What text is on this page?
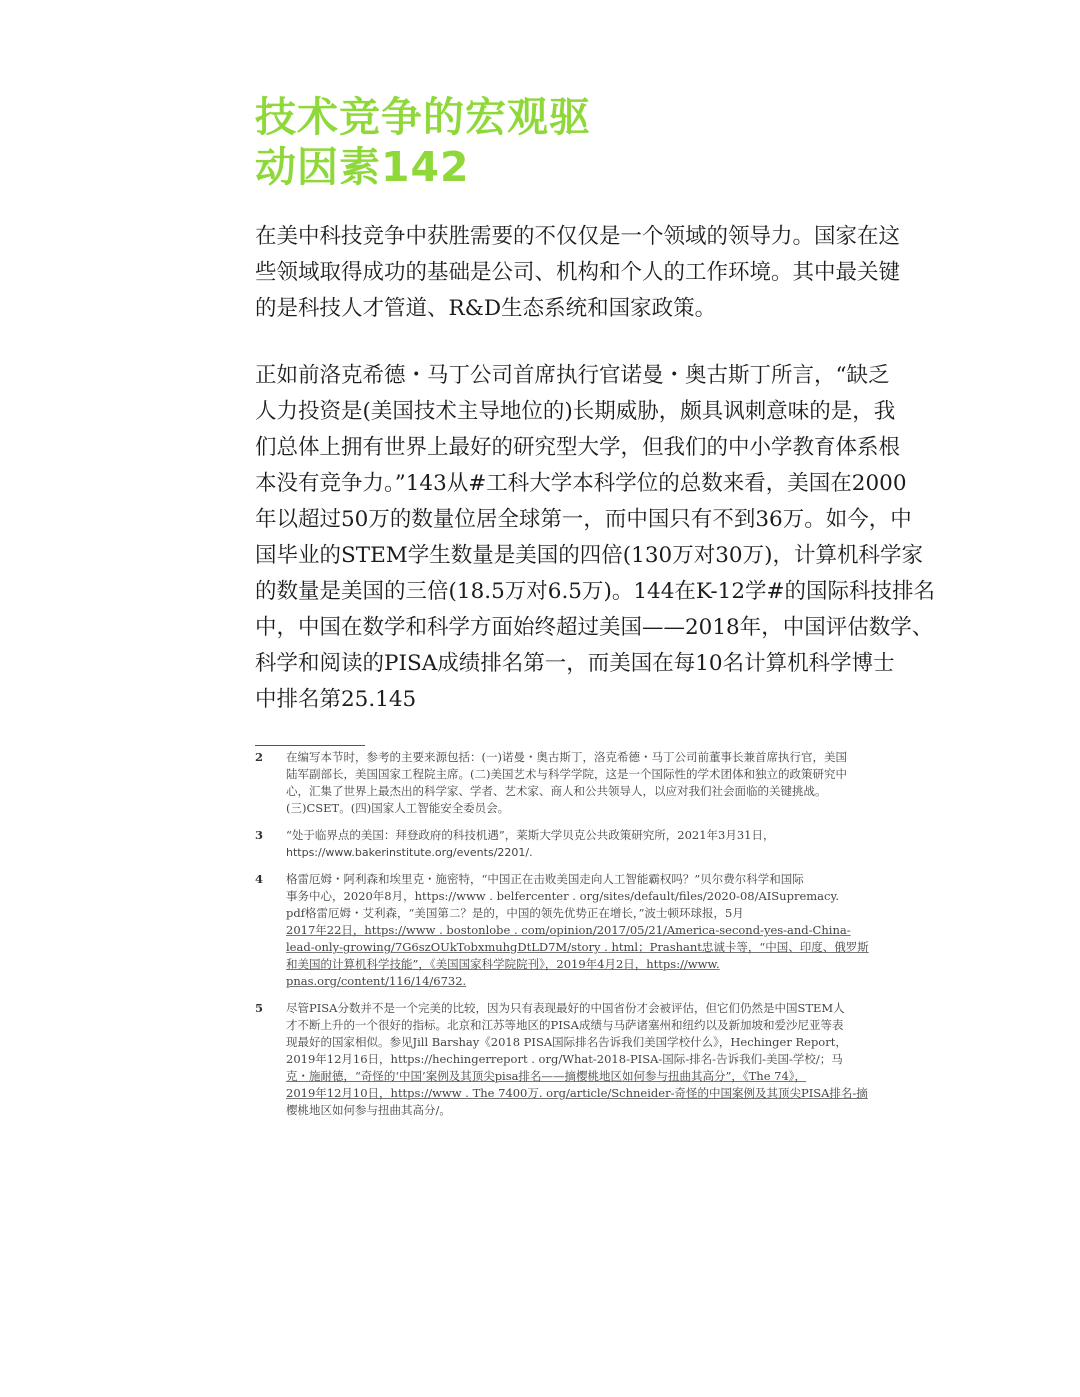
技术竞争的宏观驱
动因素142
在美中科技竞争中获胜需要的不仅仅是一个领域的领导力。国家在这
些领域取得成功的基础是公司、机构和个人的工作环境。其中最关键
的是科技人才管道、R&D生态系统和国家政策。
正如前洛克希德・马丁公司首席执行官诺曼・奥古斯丁所言，“缺乏
人力投资是(美国技术主导地位的)长期威胁，颇具讽刺意味的是，我
们总体上拥有世界上最好的研究型大学，但我们的中小学教育体系根
本没有竞争力。”143从#工科大学本科学位的总数来看，美国在2000
年以超过50万的数量位居全球第一，而中国只有不到36万。如今，中
国毕业的STEM学生数量是美国的四倍(130万对30万)，计算机科学家
的数量是美国的三倍(18.5万对6.5万)。144在K-12学#的国际科技排名
中，中国在数学和科学方面始终超过美国——2018年，中国评估数学、
科学和阅读的PISA成绩排名第一，而美国在每10名计算机科学博士
中排名第25.145
2 在编写本节时，参考的主要来源包括：(一)诺曼・奥古斯丁，洛克希德・马丁公司前董事长兼首席执行官，美国
陆军副部长，美国国家工程院主席。(二)美国艺术与科学学院，这是一个国际性的学术团体和独立的政策研究中
心，汇集了世界上最杰出的科学家、学者、艺术家、商人和公共领导人，以应对我们社会面临的关键挑战。
(三)CSET。(四)国家人工智能安全委员会。
3 “处于临界点的美国：拜登政府的科技机遇”，莱斯大学贝克公共政策研究所，2021年3月31日，
https://www.bakerinstitute.org/events/2201/.
4 格雷厄姆・阿利森和埃里克・施密特，“中国正在击败美国走向人工智能霸权吗？”贝尔费尔科学和国际
事务中心，2020年8月，https://www . belfercenter . org/sites/default/files/2020-08/AISupremacy.
pdf格雷厄姆・艾利森，“美国第二？是的，中国的领先优势正在增长，”波士顿环球报，5月
2017年22日，https://www . bostonlobe . com/opinion/2017/05/21/America-second-yes-and-China-
lead-only-growing/7G6szOUkTobxmuhgDtLD7M/story . html；Prashant忠诚卡等，“中国、印度、俄罗斯
和美国的计算机科学技能”，《美国国家科学院院刊》，2019年4月2日，https://www.
pnas.org/content/116/14/6732.
5 尽管PISA分数并不是一个完美的比较，因为只有表现最好的中国省份才会被评估，但它们仍然是中国STEM人
才不断上升的一个很好的指标。北京和江苏等地区的PISA成绩与马萨诸塞州和纽约以及新加坡和爱沙尼亚等表
现最好的国家相似。参见Jill Barshay《2018 PISA国际排名告诉我们美国学校什么》，Hechinger Report，
2019年12月16日，https://hechingerreport . org/What-2018-PISA-国际-排名-告诉我们-美国-学校/；马
克・施耐德，“奇怪的‘中国’案例及其顶尖pisa排名——摘樱桃地区如何参与扭曲其高分”，《The 74》，
2019年12月10日，https://www . The 7400万. org/article/Schneider-奇怪的中国案例及其顶尖PISA排名-摘
樱桃地区如何参与扭曲其高分/。
